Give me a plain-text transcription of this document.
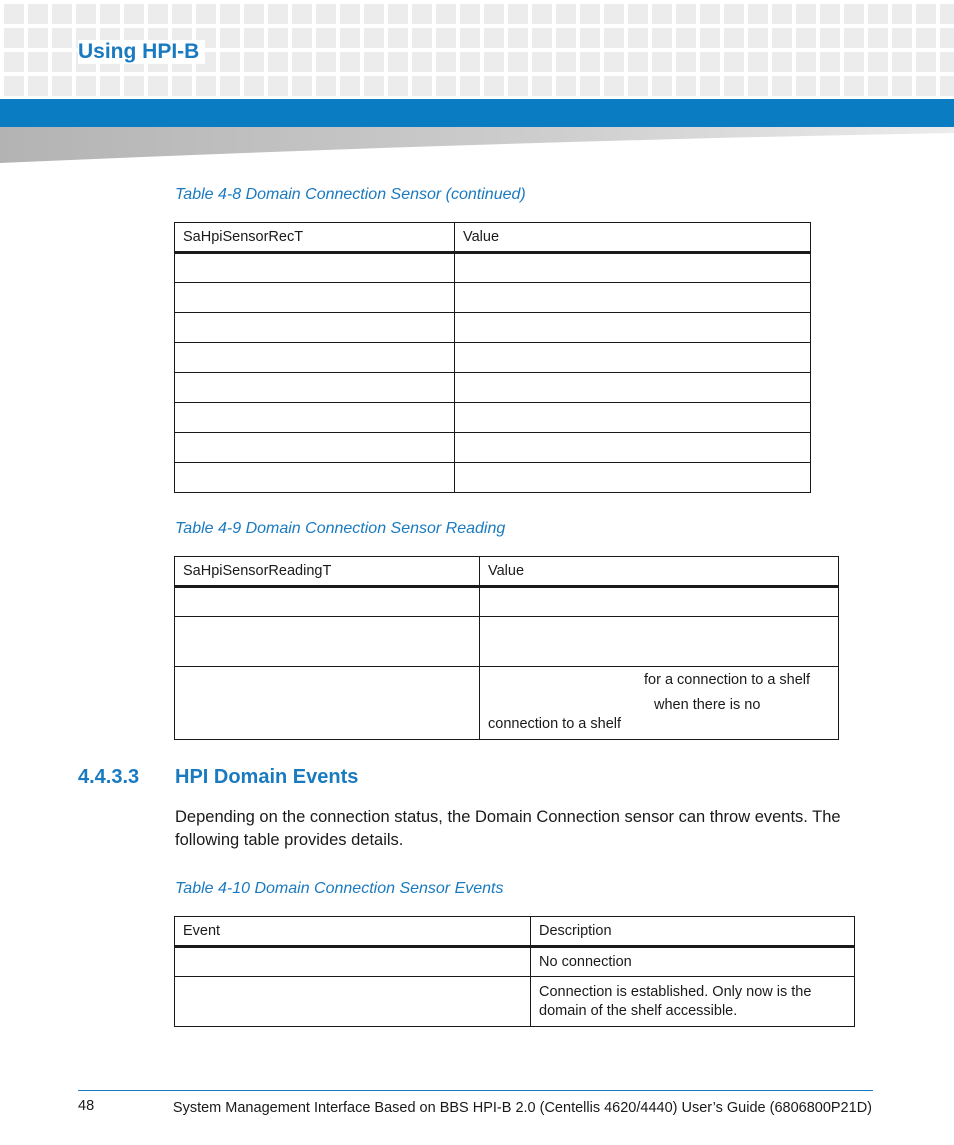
Using HPI-B
Table 4-8 Domain Connection Sensor (continued)
SaHpiSensorRecT	Value

Table 4-9 Domain Connection Sensor Reading
SaHpiSensorReadingT	Value

	for a connection to a shelf
when there is no
connection to a shelf
4.4.3.3 HPI Domain Events
Depending on the connection status, the Domain Connection sensor can throw events. The following table provides details.
Table 4-10 Domain Connection Sensor Events
Event	Description
	No connection
	Connection is established. Only now is the domain of the shelf accessible.
48	System Management Interface Based on BBS HPI-B 2.0 (Centellis 4620/4440) User’s Guide (6806800P21D)
